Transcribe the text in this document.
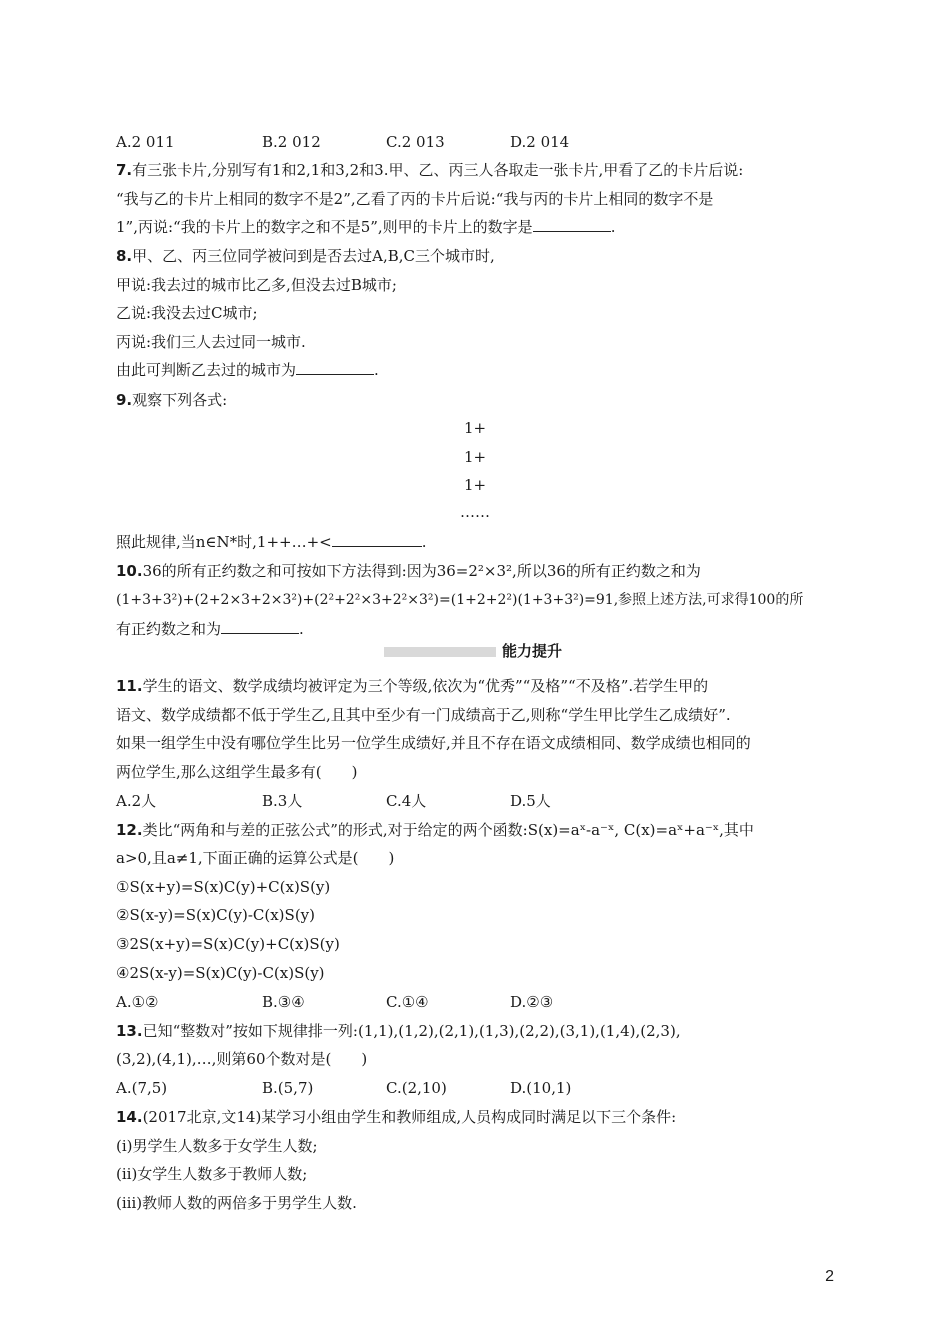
A.2 011	B.2 012	C.2 013	D.2 014
7.有三张卡片,分别写有1和2,1和3,2和3.甲、乙、丙三人各取走一张卡片,甲看了乙的卡片后说:
“我与乙的卡片上相同的数字不是2”,乙看了丙的卡片后说:“我与丙的卡片上相同的数字不是
1”,丙说:“我的卡片上的数字之和不是5”,则甲的卡片上的数字是	.
8.甲、乙、丙三位同学被问到是否去过A,B,C三个城市时,
甲说:我去过的城市比乙多,但没去过B城市;
乙说:我没去过C城市;
丙说:我们三人去过同一城市.
由此可判断乙去过的城市为	.
9.观察下列各式:
1+
1+
1+
……
照此规律,当n∈N*时,1++…+<	.
10.36的所有正约数之和可按如下方法得到:因为36=2²×3²,所以36的所有正约数之和为
(1+3+3²)+(2+2×3+2×3²)+(2²+2²×3+2²×3²)=(1+2+2²)(1+3+3²)=91,参照上述方法,可求得100的所
有正约数之和为	.
能力提升
11.学生的语文、数学成绩均被评定为三个等级,依次为“优秀”“及格”“不及格”.若学生甲的
语文、数学成绩都不低于学生乙,且其中至少有一门成绩高于乙,则称“学生甲比学生乙成绩好”.
如果一组学生中没有哪位学生比另一位学生成绩好,并且不存在语文成绩相同、数学成绩也相同的
两位学生,那么这组学生最多有(　　)
A.2人	B.3人	C.4人	D.5人
12.类比“两角和与差的正弦公式”的形式,对于给定的两个函数:S(x)=aˣ-a⁻ˣ, C(x)=aˣ+a⁻ˣ,其中
a>0,且a≠1,下面正确的运算公式是(　　)
①S(x+y)=S(x)C(y)+C(x)S(y)
②S(x-y)=S(x)C(y)-C(x)S(y)
③2S(x+y)=S(x)C(y)+C(x)S(y)
④2S(x-y)=S(x)C(y)-C(x)S(y)
A.①②	B.③④	C.①④	D.②③
13.已知“整数对”按如下规律排一列:(1,1),(1,2),(2,1),(1,3),(2,2),(3,1),(1,4),(2,3),
(3,2),(4,1),…,则第60个数对是(　　)
A.(7,5)	B.(5,7)	C.(2,10)	D.(10,1)
14.(2017北京,文14)某学习小组由学生和教师组成,人员构成同时满足以下三个条件:
(ⅰ)男学生人数多于女学生人数;
(ⅱ)女学生人数多于教师人数;
(ⅲ)教师人数的两倍多于男学生人数.
2
